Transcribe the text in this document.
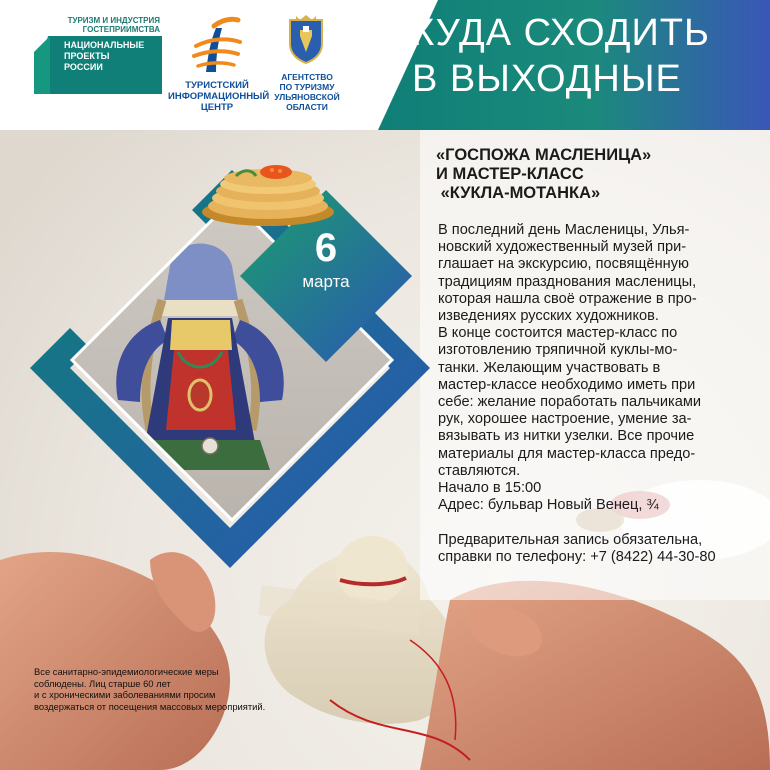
КУДА СХОДИТЬ
В ВЫХОДНЫЕ
ТУРИЗМ И ИНДУСТРИЯ
ГОСТЕПРИИМСТВА
НАЦИОНАЛЬНЫЕ
ПРОЕКТЫ
РОССИИ
ТУРИСТСКИЙ
ИНФОРМАЦИОННЫЙ
ЦЕНТР
АГЕНТСТВО
ПО ТУРИЗМУ
УЛЬЯНОВСКОЙ
ОБЛАСТИ
6
марта
«ГОСПОЖА МАСЛЕНИЦА»
И МАСТЕР-КЛАСС
«КУКЛА-МОТАНКА»
В последний день Масленицы, Улья-
новский художественный музей при-
глашает на экскурсию, посвящённую
традициям празднования масленицы,
которая нашла своё отражение в про-
изведениях русских художников.
В конце состоится мастер-класс по
изготовлению тряпичной куклы-мо-
танки. Желающим участвовать в
мастер-классе необходимо иметь при
себе: желание поработать пальчиками
рук, хорошее настроение, умение за-
вязывать из нитки узелки. Все прочие
материалы для мастер-класса предо-
ставляются.
Начало в 15:00
Адрес: бульвар Новый Венец, ¾
Предварительная запись обязательна,
справки по телефону: +7 (8422) 44-30-80
Все санитарно-эпидемиологические меры
соблюдены. Лиц старше 60 лет
и с хроническими заболеваниями просим
воздержаться от посещения массовых мероприятий.
